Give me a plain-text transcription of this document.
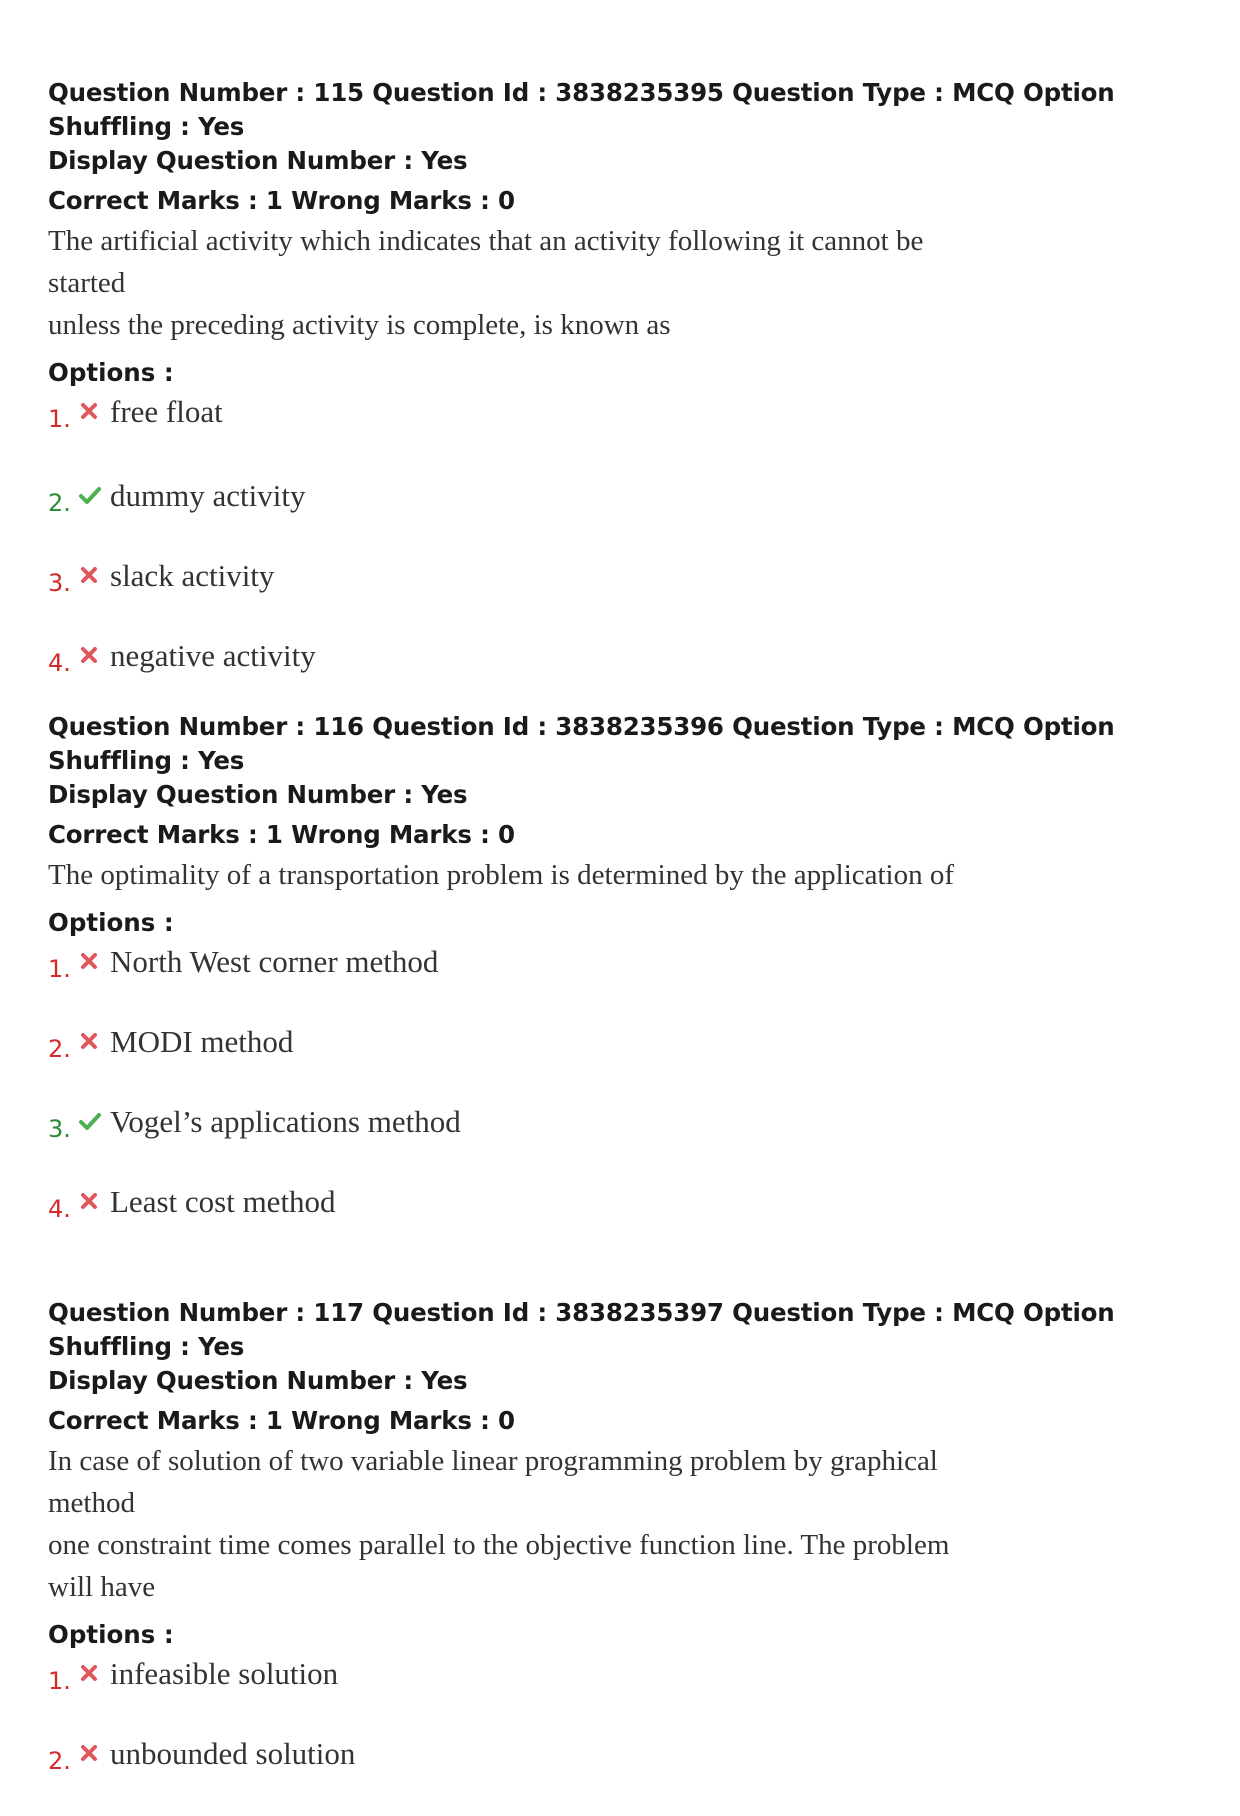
Question Number : 115 Question Id : 3838235395 Question Type : MCQ Option Shuffling : Yes
Display Question Number : Yes
Correct Marks : 1 Wrong Marks : 0
The artificial activity which indicates that an activity following it cannot be started
unless the preceding activity is complete, is known as
Options :
1. free float
2. dummy activity
3. slack activity
4. negative activity
Question Number : 116 Question Id : 3838235396 Question Type : MCQ Option Shuffling : Yes
Display Question Number : Yes
Correct Marks : 1 Wrong Marks : 0
The optimality of a transportation problem is determined by the application of
Options :
1. North West corner method
2. MODI method
3. Vogel’s applications method
4. Least cost method
Question Number : 117 Question Id : 3838235397 Question Type : MCQ Option Shuffling : Yes
Display Question Number : Yes
Correct Marks : 1 Wrong Marks : 0
In case of solution of two variable linear programming problem by graphical method
one constraint time comes parallel to the objective function line. The problem will have
Options :
1. infeasible solution
2. unbounded solution
